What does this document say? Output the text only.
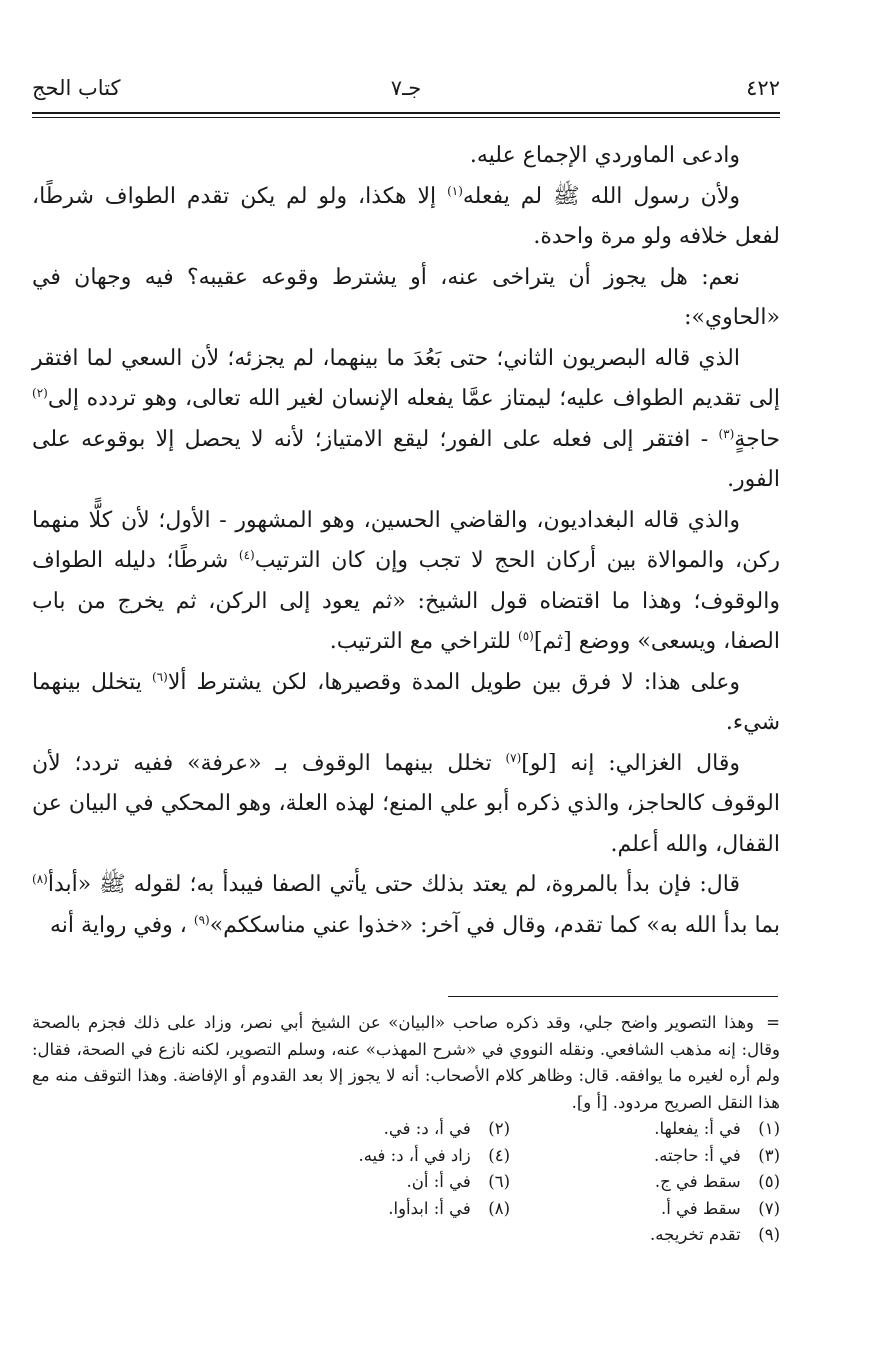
٤٢٢
جـ٧
كتاب الحج

وادعى الماوردي الإجماع عليه.

ولأن رسول الله ﷺ لم يفعله$^{(١)}$ إلا هكذا، ولو لم يكن تقدم الطواف شرطًا، لفعل خلافه ولو مرة واحدة.

نعم: هل يجوز أن يتراخى عنه، أو يشترط وقوعه عقيبه؟ فيه وجهان في «الحاوي»:

الذي قاله البصريون الثاني؛ حتى بَعُدَ ما بينهما، لم يجزئه؛ لأن السعي لما افتقر إلى تقديم الطواف عليه؛ ليمتاز عمَّا يفعله الإنسان لغير الله تعالى، وهو تردده إلى$^{(٢)}$ حاجةٍ$^{(٣)}$ - افتقر إلى فعله على الفور؛ ليقع الامتياز؛ لأنه لا يحصل إلا بوقوعه على الفور.

والذي قاله البغداديون، والقاضي الحسين، وهو المشهور - الأول؛ لأن كلًّا منهما ركن، والموالاة بين أركان الحج لا تجب وإن كان الترتيب$^{(٤)}$ شرطًا؛ دليله الطواف والوقوف؛ وهذا ما اقتضاه قول الشيخ: «ثم يعود إلى الركن، ثم يخرج من باب الصفا، ويسعى» ووضع [ثم]$^{(٥)}$ للتراخي مع الترتيب.

وعلى هذا: لا فرق بين طويل المدة وقصيرها، لكن يشترط ألا$^{(٦)}$ يتخلل بينهما شيء.

وقال الغزالي: إنه [لو]$^{(٧)}$ تخلل بينهما الوقوف بـ «عرفة» ففيه تردد؛ لأن الوقوف كالحاجز، والذي ذكره أبو علي المنع؛ لهذه العلة، وهو المحكي في البيان عن القفال، والله أعلم.

قال: فإن بدأ بالمروة، لم يعتد بذلك حتى يأتي الصفا فيبدأ به؛ لقوله ﷺ «أبدأ$^{(٨)}$ بما بدأ الله به» كما تقدم، وقال في آخر: «خذوا عني مناسككم»$^{(٩)}$ ، وفي رواية أنه

=وهذا التصوير واضح جلي، وقد ذكره صاحب «البيان» عن الشيخ أبي نصر، وزاد على ذلك فجزم بالصحة وقال: إنه مذهب الشافعي. ونقله النووي في «شرح المهذب» عنه، وسلم التصوير، لكنه نازع في الصحة، فقال: ولم أره لغيره ما يوافقه. قال: وظاهر كلام الأصحاب: أنه لا يجوز إلا بعد القدوم أو الإفاضة. وهذا التوقف منه مع هذا النقل الصريح مردود. [أ و].
(١) في أ: يفعلها.
(٢) في أ، د: في.
(٣) في أ: حاجته.
(٤) زاد في أ، د: فيه.
(٥) سقط في ج.
(٦) في أ: أن.
(٧) سقط في أ.
(٨) في أ: ابدأوا.
(٩) تقدم تخريجه.
